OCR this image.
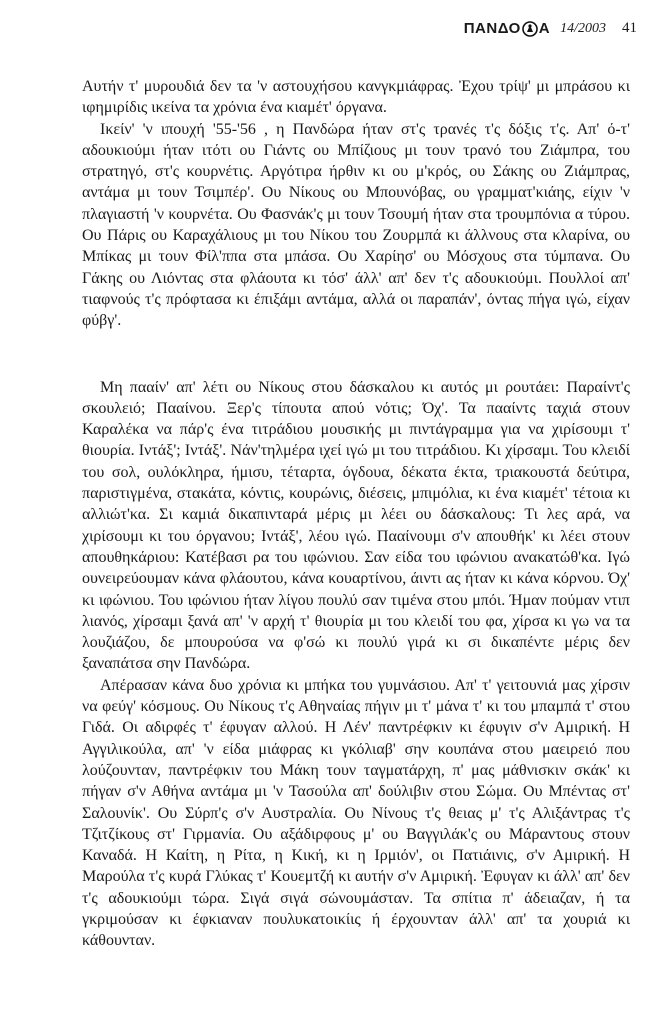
ΠΑΝΔΟ Α 14/2003 41

Αυτήν τ' μυρουδιά δεν τα 'ν αστουχήσου κανγκμιάφρας. Ἐχου τρίψ' μι μπράσου κι ιφημιρίδις ικείνα τα χρόνια ένα κιαμέτ' όργανα.

Ικείν' 'ν ιπουχή '55-'56 , η Πανδώρα ήταν στ'ς τρανές τ'ς δόξις τ'ς. Απ' ό-τ' αδουκιούμι ήταν ιτότι ου Γιάντς ου Μπίζιους μι τουν τρανό του Ζιάμπρα, του στρατηγό, στ'ς κουρνέτις. Αργότιρα ήρθιν κι ου μ'κρός, ου Σάκης ου Ζιάμπρας, αντάμα μι τουν Τσιμπέρ'. Ου Νίκους ου Μπουνόβας, ου γραμματ'κιάης, είχιν 'ν πλαγιαστή 'ν κουρνέτα. Ου Φασνάκ'ς μι τουν Τσουμή ήταν στα τρουμπόνια α τύρου. Ου Πάρις ου Καραχάλιους μι του Νίκου του Ζουρμπά κι άλλνους στα κλαρίνα, ου Μπίκας μι τουν Φίλ'ππα στα μπάσα. Ου Χαρίησ' ου Μόσχους στα τύμπανα. Ου Γάκης ου Λιόντας στα φλάουτα κι τόσ' άλλ' απ' δεν τ'ς αδουκιούμι. Πουλλοί απ' τιαφνούς τ'ς πρόφτασα κι έπιξάμι αντάμα, αλλά οι παραπάν', όντας πήγα ιγώ, είχαν φύβγ'.

Μη πααίν' απ' λέτι ου Νίκους στου δάσκαλου κι αυτός μι ρουτάει: Παραίντ'ς σκουλειό; Πααίνου. Ξερ'ς τίπουτα απού νότις; Όχ'. Τα πααίντς ταχιά στουν Καραλέκα να πάρ'ς ένα τιτράδιου μουσικής μι πιντάγραμμα για να χιρίσουμι τ' θιουρία. Ιντάξ'; Ιντάξ'. Νάν'τηλμέρα ιχεί ιγώ μι του τιτράδιου. Κι χίρσαμι. Του κλειδί του σολ, ουλόκληρα, ήμισυ, τέταρτα, όγδουα, δέκατα έκτα, τριακουστά δεύτιρα, παριστιγμένα, στακάτα, κόντις, κουρώνις, διέσεις, μπιμόλια, κι ένα κιαμέτ' τέτοια κι αλλιώτ'κα. Σι καμιά δικαπινταρά μέρις μι λέει ου δάσκαλους: Τι λες αρά, να χιρίσουμι κι του όργανου; Ιντάξ', λέου ιγώ. Πααίνουμι σ'ν απουθήκ' κι λέει στουν απουθηκάριου: Κατέβασι ρα του ιφώνιου. Σαν είδα του ιφώνιου ανακατώθ'κα. Ιγώ ουνειρεύουμαν κάνα φλάουτου, κάνα κουαρτίνου, άιντι ας ήταν κι κάνα κόρνου. Όχ' κι ιφώνιου. Του ιφώνιου ήταν λίγου πουλύ σαν τιμένα στου μπόι. Ήμαν πούμαν ντιπ λιανός, χίρσαμι ξανά απ' 'ν αρχή τ' θιουρία μι του κλειδί του φα, χίρσα κι γω να τα λουζιάζου, δε μπουρούσα να φ'σώ κι πουλύ γιρά κι σι δικαπέντε μέρις δεν ξαναπάτσα σην Πανδώρα.

Απέρασαν κάνα δυο χρόνια κι μπήκα του γυμνάσιου. Απ' τ' γειτουνιά μας χίρσιν να φεύγ' κόσμους. Ου Νίκους τ'ς Αθηναίας πήγιν μι τ' μάνα τ' κι του μπαμπά τ' στου Γιδά. Οι αδιρφές τ' έφυγαν αλλού. Η Λέν' παντρέφκιν κι έφυγιν σ'ν Αμιρική. Η Αγγιλικούλα, απ' 'ν είδα μιάφρας κι γκόλιαβ' σην κουπάνα στου μαειρειό που λούζουνταν, παντρέφκιν του Μάκη τουν ταγματάρχη, π' μας μάθνισκιν σκάκ' κι πήγαν σ'ν Αθήνα αντάμα μι 'ν Τασούλα απ' δούλιβιν στου Σώμα. Ου Μπέντας στ' Σαλουνίκ'. Ου Σύρπ'ς σ'ν Αυστραλία. Ου Νίνους τ'ς θειας μ' τ'ς Αλιξάντρας τ'ς Τζιτζίκους στ' Γιρμανία. Ου αξάδιρφους μ' ου Βαγγιλάκ'ς ου Μάραντους στουν Καναδά. Η Καίτη, η Ρίτα, η Κική, κι η Ιρμιόν', οι Πατιάινις, σ'ν Αμιρική. Η Μαρούλα τ'ς κυρά Γλύκας τ' Κουεμτζή κι αυτήν σ'ν Αμιρική. Ἐφυγαν κι άλλ' απ' δεν τ'ς αδουκιούμι τώρα. Σιγά σιγά σώνουμάσταν. Τα σπίτια π' άδειαζαν, ή τα γκριμούσαν κι έφκιαναν πουλυκατοικίις ή έρχουνταν άλλ' απ' τα χουριά κι κάθουνταν.
